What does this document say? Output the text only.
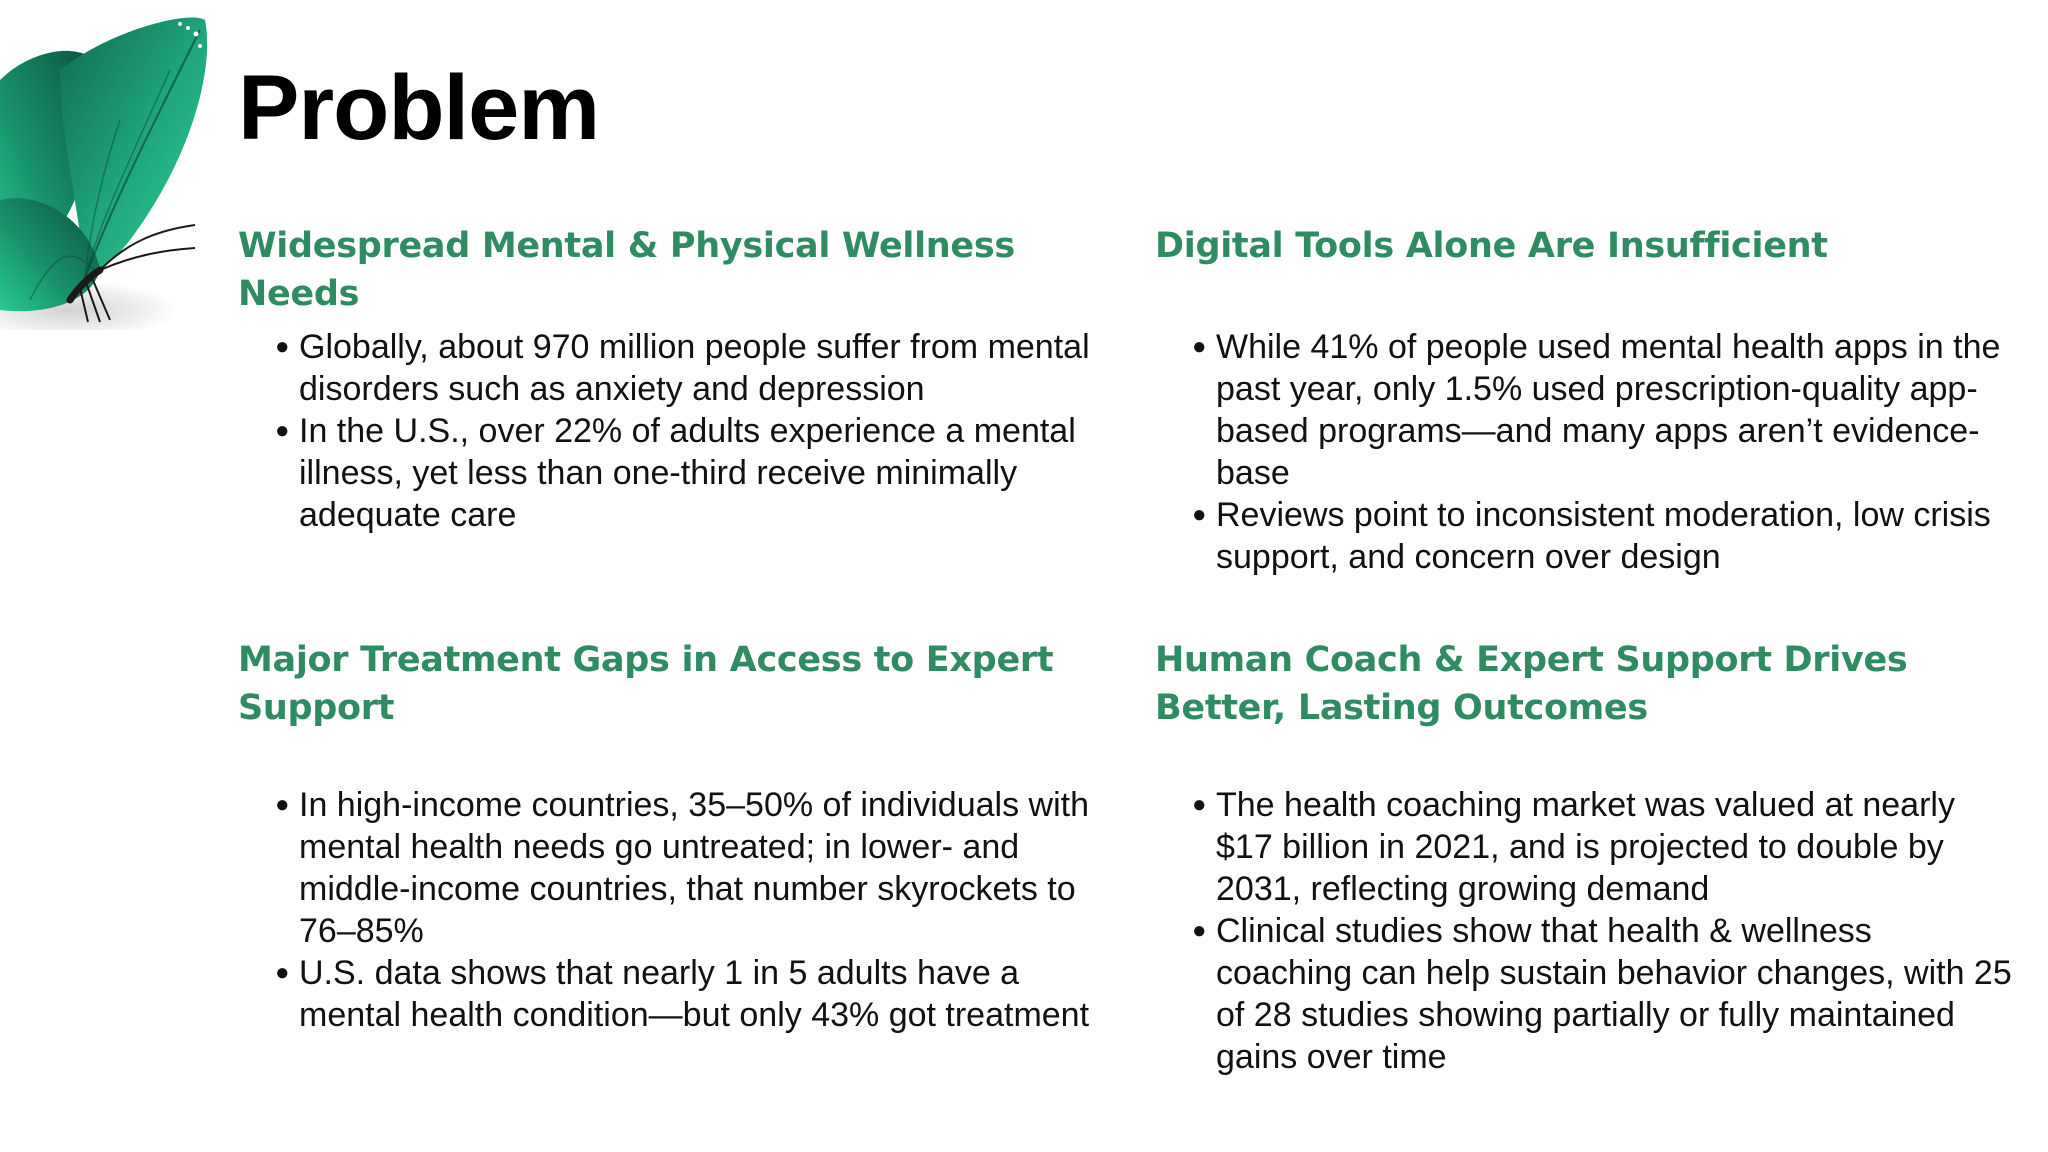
Problem
Widespread Mental & Physical Wellness Needs
● Globally, about 970 million people suffer from mental disorders such as anxiety and depression
● In the U.S., over 22% of adults experience a mental illness, yet less than one-third receive minimally adequate care
Digital Tools Alone Are Insufficient
● While 41% of people used mental health apps in the past year, only 1.5% used prescription-quality app-based programs—and many apps aren’t evidence-base
● Reviews point to inconsistent moderation, low crisis support, and concern over design
Major Treatment Gaps in Access to Expert Support
● In high-income countries, 35–50% of individuals with mental health needs go untreated; in lower- and middle-income countries, that number skyrockets to 76–85%
● U.S. data shows that nearly 1 in 5 adults have a mental health condition—but only 43% got treatment
Human Coach & Expert Support Drives Better, Lasting Outcomes
● The health coaching market was valued at nearly $17 billion in 2021, and is projected to double by 2031, reflecting growing demand
● Clinical studies show that health & wellness coaching can help sustain behavior changes, with 25 of 28 studies showing partially or fully maintained gains over time
